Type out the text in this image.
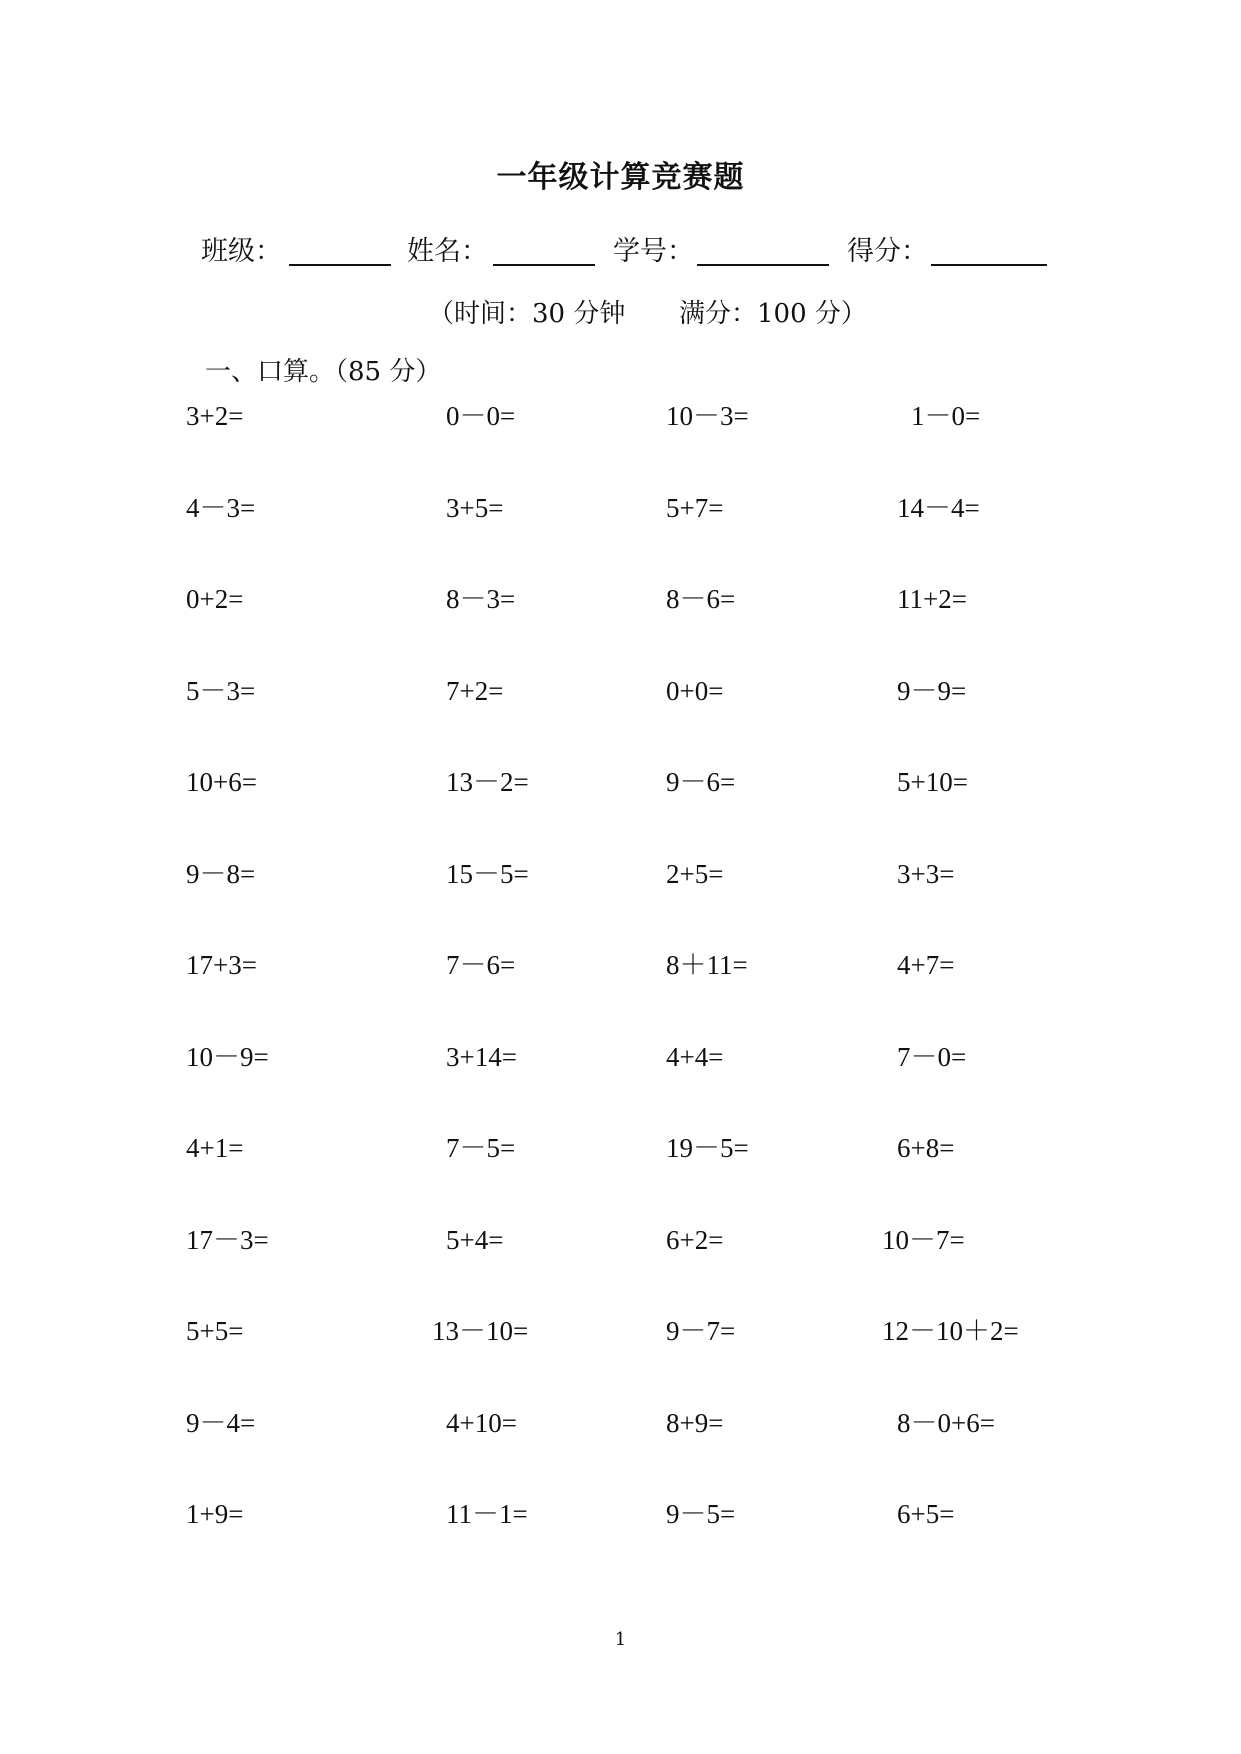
一年级计算竞赛题
班级：	姓名：	学号：	得分：
（时间：30 分钟 满分：100 分）
一、口算。（85 分）
3+2=	0－0=	10－3=	1－0=
4－3=	3+5=	5+7=	14－4=
0+2=	8－3=	8－6=	11+2=
5－3=	7+2=	0+0=	9－9=
10+6=	13－2=	9－6=	5+10=
9－8=	15－5=	2+5=	3+3=
17+3=	7－6=	8＋11=	4+7=
10－9=	3+14=	4+4=	7－0=
4+1=	7－5=	19－5=	6+8=
17－3=	5+4=	6+2=	10－7=
5+5=	13－10=	9－7=	12－10＋2=
9－4=	4+10=	8+9=	8－0+6=
1+9=	11－1=	9－5=	6+5=
1
